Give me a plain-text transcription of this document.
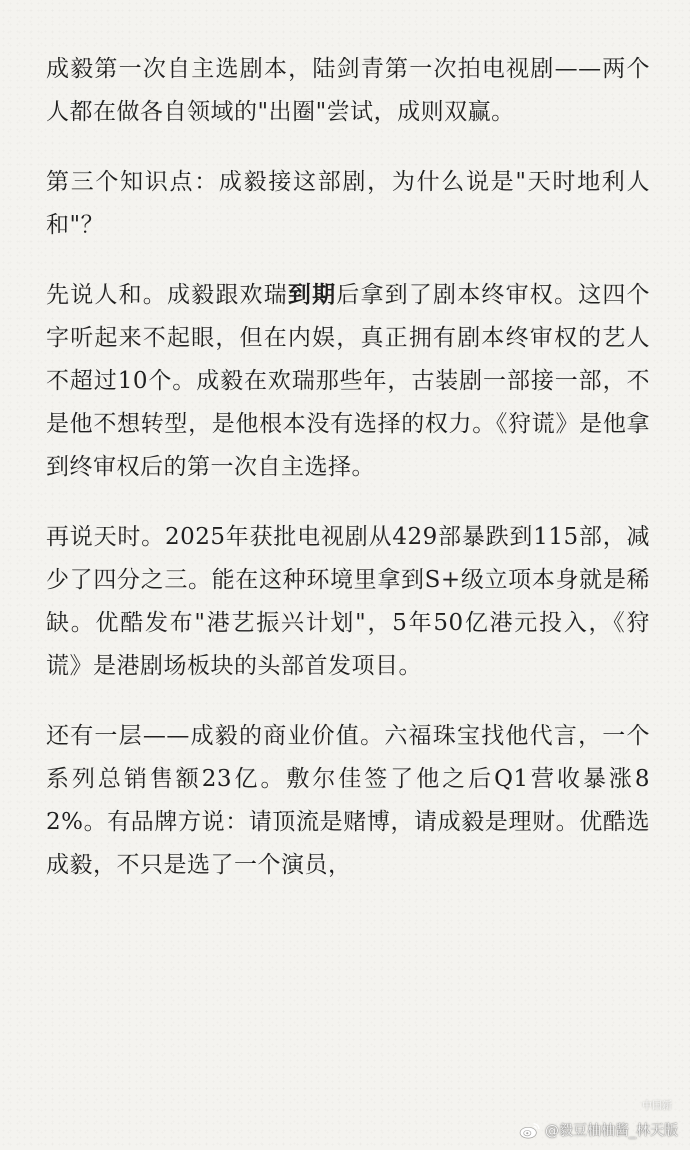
成毅第一次自主选剧本，陆剑青第一次拍电视剧——两个人都在做各自领域的"出圈"尝试，成则双赢。

第三个知识点：成毅接这部剧，为什么说是"天时地利人和"？

先说人和。成毅跟欢瑞到期后拿到了剧本终审权。这四个字听起来不起眼，但在内娱，真正拥有剧本终审权的艺人不超过10个。成毅在欢瑞那些年，古装剧一部接一部，不是他不想转型，是他根本没有选择的权力。《狩谎》是他拿到终审权后的第一次自主选择。

再说天时。2025年获批电视剧从429部暴跌到115部，减少了四分之三。能在这种环境里拿到S+级立项本身就是稀缺。优酷发布"港艺振兴计划"，5年50亿港元投入，《狩谎》是港剧场板块的头部首发项目。

还有一层——成毅的商业价值。六福珠宝找他代言，一个系列总销售额23亿。敷尔佳签了他之后Q1营收暴涨82%。有品牌方说：请顶流是赌博，请成毅是理财。优酷选成毅，不只是选了一个演员，

中国新
@毅豆柚柚酱_林天版
